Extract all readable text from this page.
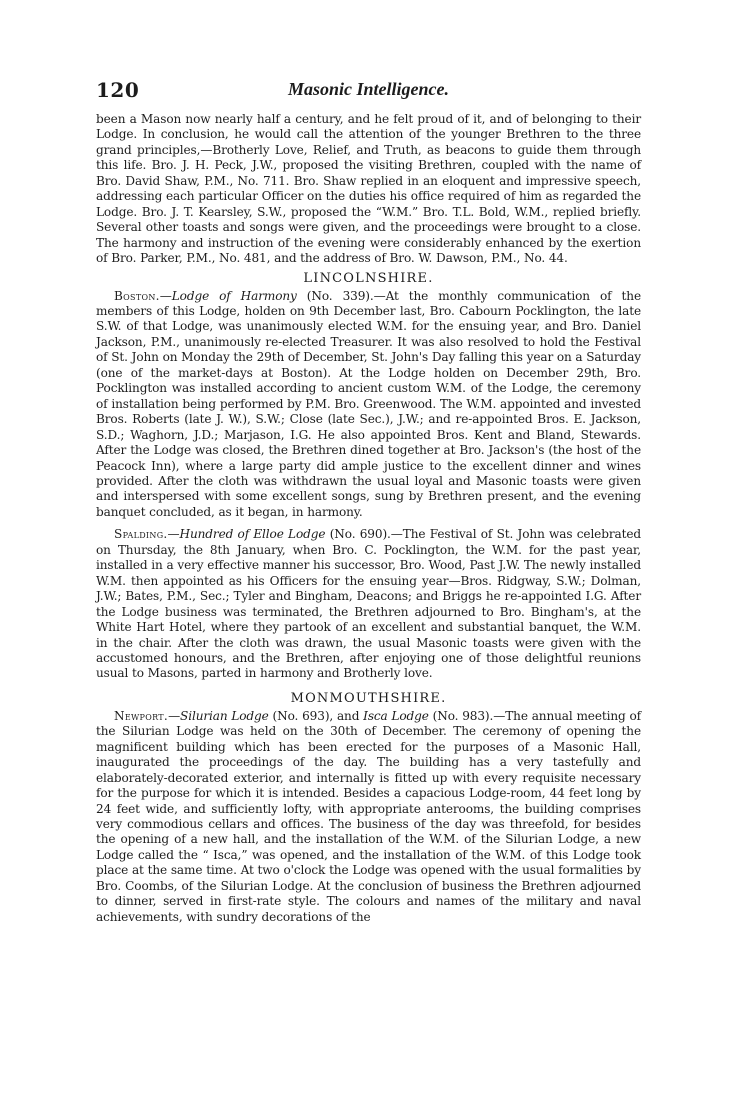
120	Masonic Intelligence.

been a Mason now nearly half a century, and he felt proud of it, and of belonging to their Lodge. In conclusion, he would call the attention of the younger Brethren to the three grand principles,—Brotherly Love, Relief, and Truth, as beacons to guide them through this life. Bro. J. H. Peck, J.W., proposed the visiting Brethren, coupled with the name of Bro. David Shaw, P.M., No. 711. Bro. Shaw replied in an eloquent and impressive speech, addressing each particular Officer on the duties his office required of him as regarded the Lodge. Bro. J. T. Kearsley, S.W., proposed the “W.M.” Bro. T.L. Bold, W.M., replied briefly. Several other toasts and songs were given, and the proceedings were brought to a close. The harmony and instruction of the evening were considerably enhanced by the exertion of Bro. Parker, P.M., No. 481, and the address of Bro. W. Dawson, P.M., No. 44.

LINCOLNSHIRE.

Boston.—Lodge of Harmony (No. 339).—At the monthly communication of the members of this Lodge, holden on 9th December last, Bro. Cabourn Pocklington, the late S.W. of that Lodge, was unanimously elected W.M. for the ensuing year, and Bro. Daniel Jackson, P.M., unanimously re-elected Treasurer. It was also resolved to hold the Festival of St. John on Monday the 29th of December, St. John's Day falling this year on a Saturday (one of the market-days at Boston). At the Lodge holden on December 29th, Bro. Pocklington was installed according to ancient custom W.M. of the Lodge, the ceremony of installation being performed by P.M. Bro. Greenwood. The W.M. appointed and invested Bros. Roberts (late J. W.), S.W.; Close (late Sec.), J.W.; and re-appointed Bros. E. Jackson, S.D.; Waghorn, J.D.; Marjason, I.G. He also appointed Bros. Kent and Bland, Stewards. After the Lodge was closed, the Brethren dined together at Bro. Jackson's (the host of the Peacock Inn), where a large party did ample justice to the excellent dinner and wines provided. After the cloth was withdrawn the usual loyal and Masonic toasts were given and interspersed with some excellent songs, sung by Brethren present, and the evening banquet concluded, as it began, in harmony.

Spalding.—Hundred of Elloe Lodge (No. 690).—The Festival of St. John was celebrated on Thursday, the 8th January, when Bro. C. Pocklington, the W.M. for the past year, installed in a very effective manner his successor, Bro. Wood, Past J.W. The newly installed W.M. then appointed as his Officers for the ensuing year—Bros. Ridgway, S.W.; Dolman, J.W.; Bates, P.M., Sec.; Tyler and Bingham, Deacons; and Briggs he re-appointed I.G. After the Lodge business was terminated, the Brethren adjourned to Bro. Bingham's, at the White Hart Hotel, where they partook of an excellent and substantial banquet, the W.M. in the chair. After the cloth was drawn, the usual Masonic toasts were given with the accustomed honours, and the Brethren, after enjoying one of those delightful reunions usual to Masons, parted in harmony and Brotherly love.

MONMOUTHSHIRE.

Newport.—Silurian Lodge (No. 693), and Isca Lodge (No. 983).—The annual meeting of the Silurian Lodge was held on the 30th of December. The ceremony of opening the magnificent building which has been erected for the purposes of a Masonic Hall, inaugurated the proceedings of the day. The building has a very tastefully and elaborately-decorated exterior, and internally is fitted up with every requisite necessary for the purpose for which it is intended. Besides a capacious Lodge-room, 44 feet long by 24 feet wide, and sufficiently lofty, with appropriate anterooms, the building comprises very commodious cellars and offices. The business of the day was threefold, for besides the opening of a new hall, and the installation of the W.M. of the Silurian Lodge, a new Lodge called the “ Isca,” was opened, and the installation of the W.M. of this Lodge took place at the same time. At two o'clock the Lodge was opened with the usual formalities by Bro. Coombs, of the Silurian Lodge. At the conclusion of business the Brethren adjourned to dinner, served in first-rate style. The colours and names of the military and naval achievements, with sundry decorations of the
